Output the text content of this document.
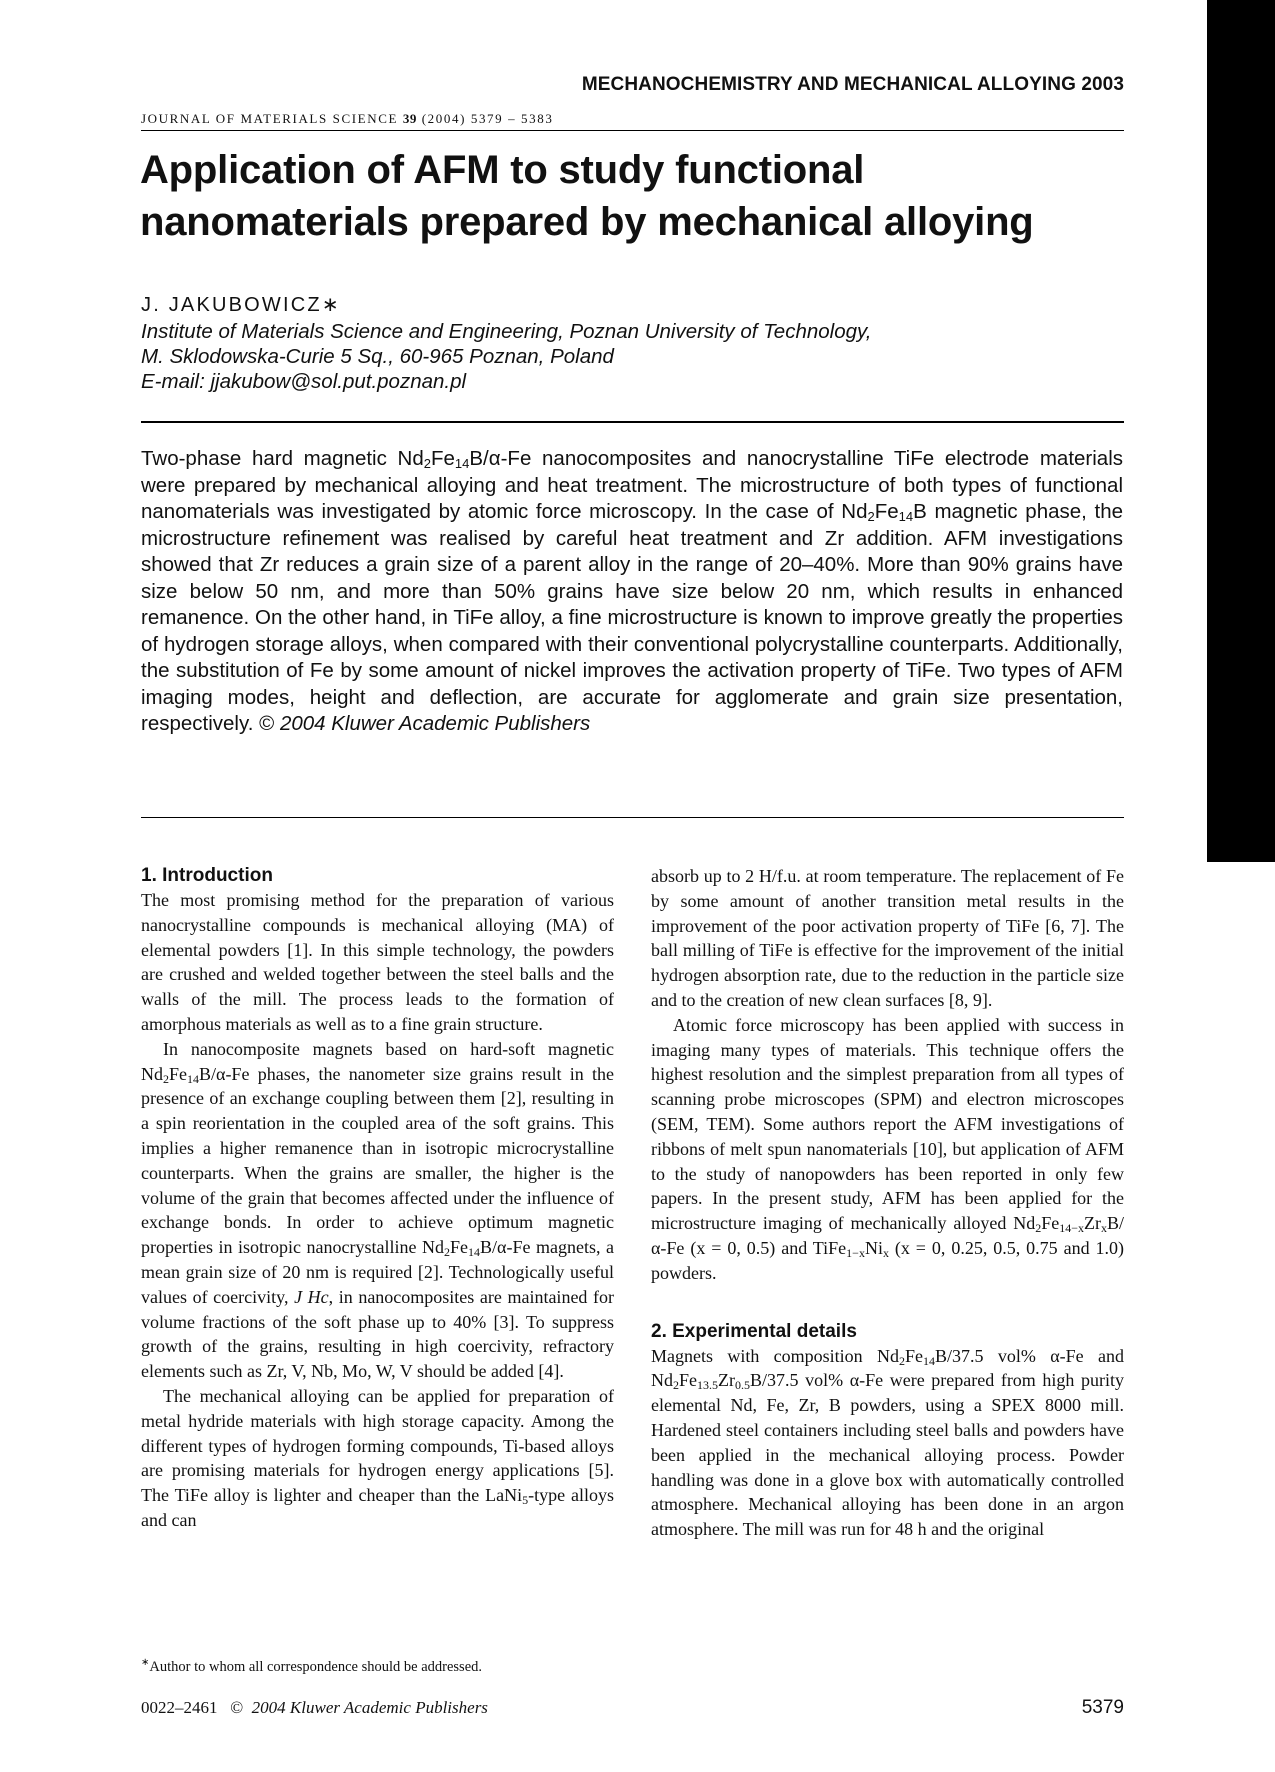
MECHANOCHEMISTRY AND MECHANICAL ALLOYING 2003
JOURNAL OF MATERIALS SCIENCE 39 (2004) 5379 – 5383
Application of AFM to study functional
nanomaterials prepared by mechanical alloying
J. JAKUBOWICZ∗
Institute of Materials Science and Engineering, Poznan University of Technology,
M. Sklodowska-Curie 5 Sq., 60-965 Poznan, Poland
E-mail: jjakubow@sol.put.poznan.pl
Two-phase hard magnetic $Nd_2Fe_{14}B/\alpha-Fe$ nanocomposites and nanocrystalline TiFe electrode materials were prepared by mechanical alloying and heat treatment. The microstructure of both types of functional nanomaterials was investigated by atomic force microscopy. In the case of $Nd_2Fe_{14}B$ magnetic phase, the microstructure refinement was realised by careful heat treatment and Zr addition. AFM investigations showed that Zr reduces a grain size of a parent alloy in the range of 20–40%. More than 90% grains have size below 50 nm, and more than 50% grains have size below 20 nm, which results in enhanced remanence. On the other hand, in TiFe alloy, a fine microstructure is known to improve greatly the properties of hydrogen storage alloys, when compared with their conventional polycrystalline counterparts. Additionally, the substitution of Fe by some amount of nickel improves the activation property of TiFe. Two types of AFM imaging modes, height and deflection, are accurate for agglomerate and grain size presentation, respectively. © 2004 Kluwer Academic Publishers
1. Introduction

The most promising method for the preparation of various nanocrystalline compounds is mechanical alloying (MA) of elemental powders [1]. In this simple technology, the powders are crushed and welded together between the steel balls and the walls of the mill. The process leads to the formation of amorphous materials as well as to a fine grain structure.

In nanocomposite magnets based on hard-soft magnetic $Nd_2Fe_{14}B/\alpha-Fe$ phases, the nanometer size grains result in the presence of an exchange coupling between them [2], resulting in a spin reorientation in the coupled area of the soft grains. This implies a higher remanence than in isotropic microcrystalline counterparts. When the grains are smaller, the higher is the volume of the grain that becomes affected under the influence of exchange bonds. In order to achieve optimum magnetic properties in isotropic nanocrystalline $Nd_2Fe_{14}B/\alpha-Fe$ magnets, a mean grain size of 20 nm is required [2]. Technologically useful values of coercivity, J Hc, in nanocomposites are maintained for volume fractions of the soft phase up to 40% [3]. To suppress growth of the grains, resulting in high coercivity, refractory elements such as Zr, V, Nb, Mo, W, V should be added [4].

The mechanical alloying can be applied for preparation of metal hydride materials with high storage capacity. Among the different types of hydrogen forming compounds, Ti-based alloys are promising materials for hydrogen energy applications [5]. The TiFe alloy is lighter and cheaper than the LaNi$_5$-type alloys and can

absorb up to 2 H/f.u. at room temperature. The replacement of Fe by some amount of another transition metal results in the improvement of the poor activation property of TiFe [6, 7]. The ball milling of TiFe is effective for the improvement of the initial hydrogen absorption rate, due to the reduction in the particle size and to the creation of new clean surfaces [8, 9].

Atomic force microscopy has been applied with success in imaging many types of materials. This technique offers the highest resolution and the simplest preparation from all types of scanning probe microscopes (SPM) and electron microscopes (SEM, TEM). Some authors report the AFM investigations of ribbons of melt spun nanomaterials [10], but application of AFM to the study of nanopowders has been reported in only few papers. In the present study, AFM has been applied for the microstructure imaging of mechanically alloyed $Nd_2Fe_{14-x}Zr_xB/\alpha-Fe$ (x = 0, 0.5) and $TiFe_{1-x}Ni_x$ (x = 0, 0.25, 0.5, 0.75 and 1.0) powders.

2. Experimental details

Magnets with composition $Nd_2Fe_{14}B/37.5$ vol% α-Fe and $Nd_2Fe_{13.5}Zr_{0.5}B/37.5$ vol% α-Fe were prepared from high purity elemental Nd, Fe, Zr, B powders, using a SPEX 8000 mill. Hardened steel containers including steel balls and powders have been applied in the mechanical alloying process. Powder handling was done in a glove box with automatically controlled atmosphere. Mechanical alloying has been done in an argon atmosphere. The mill was run for 48 h and the original

∗Author to whom all correspondence should be addressed.
0022–2461 © 2004 Kluwer Academic Publishers	5379
